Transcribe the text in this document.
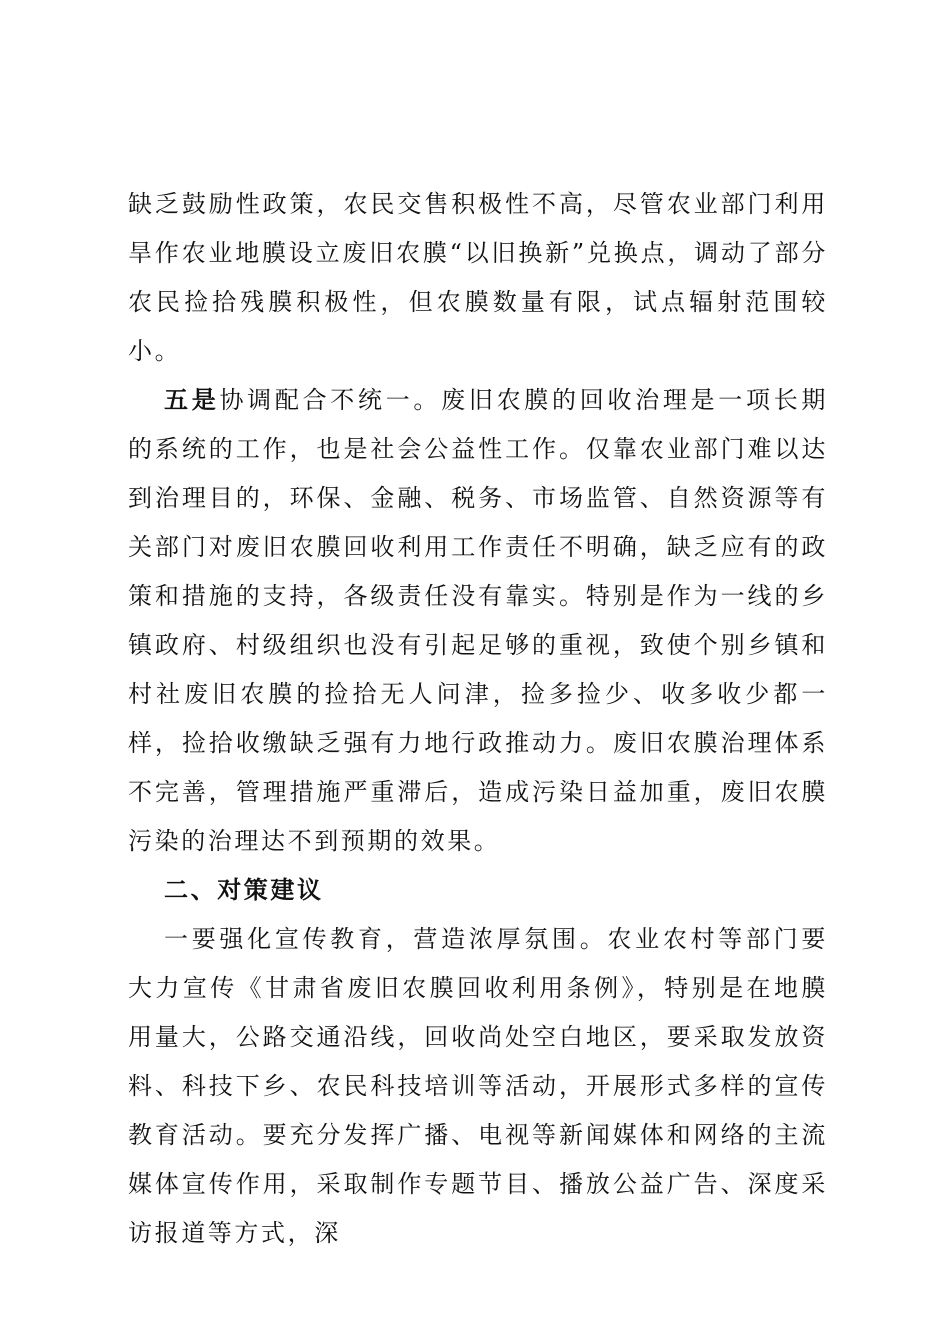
缺乏鼓励性政策，农民交售积极性不高，尽管农业部门利用旱作农业地膜设立废旧农膜“以旧换新”兑换点，调动了部分农民捡拾残膜积极性，但农膜数量有限，试点辐射范围较小。

五是协调配合不统一。废旧农膜的回收治理是一项长期的系统的工作，也是社会公益性工作。仅靠农业部门难以达到治理目的，环保、金融、税务、市场监管、自然资源等有关部门对废旧农膜回收利用工作责任不明确，缺乏应有的政策和措施的支持，各级责任没有靠实。特别是作为一线的乡镇政府、村级组织也没有引起足够的重视，致使个别乡镇和村社废旧农膜的捡拾无人问津，捡多捡少、收多收少都一样，捡拾收缴缺乏强有力地行政推动力。废旧农膜治理体系不完善，管理措施严重滞后，造成污染日益加重，废旧农膜污染的治理达不到预期的效果。

二、对策建议

一要强化宣传教育，营造浓厚氛围。农业农村等部门要大力宣传《甘肃省废旧农膜回收利用条例》，特别是在地膜用量大，公路交通沿线，回收尚处空白地区，要采取发放资料、科技下乡、农民科技培训等活动，开展形式多样的宣传教育活动。要充分发挥广播、电视等新闻媒体和网络的主流媒体宣传作用，采取制作专题节目、播放公益广告、深度采访报道等方式，深
